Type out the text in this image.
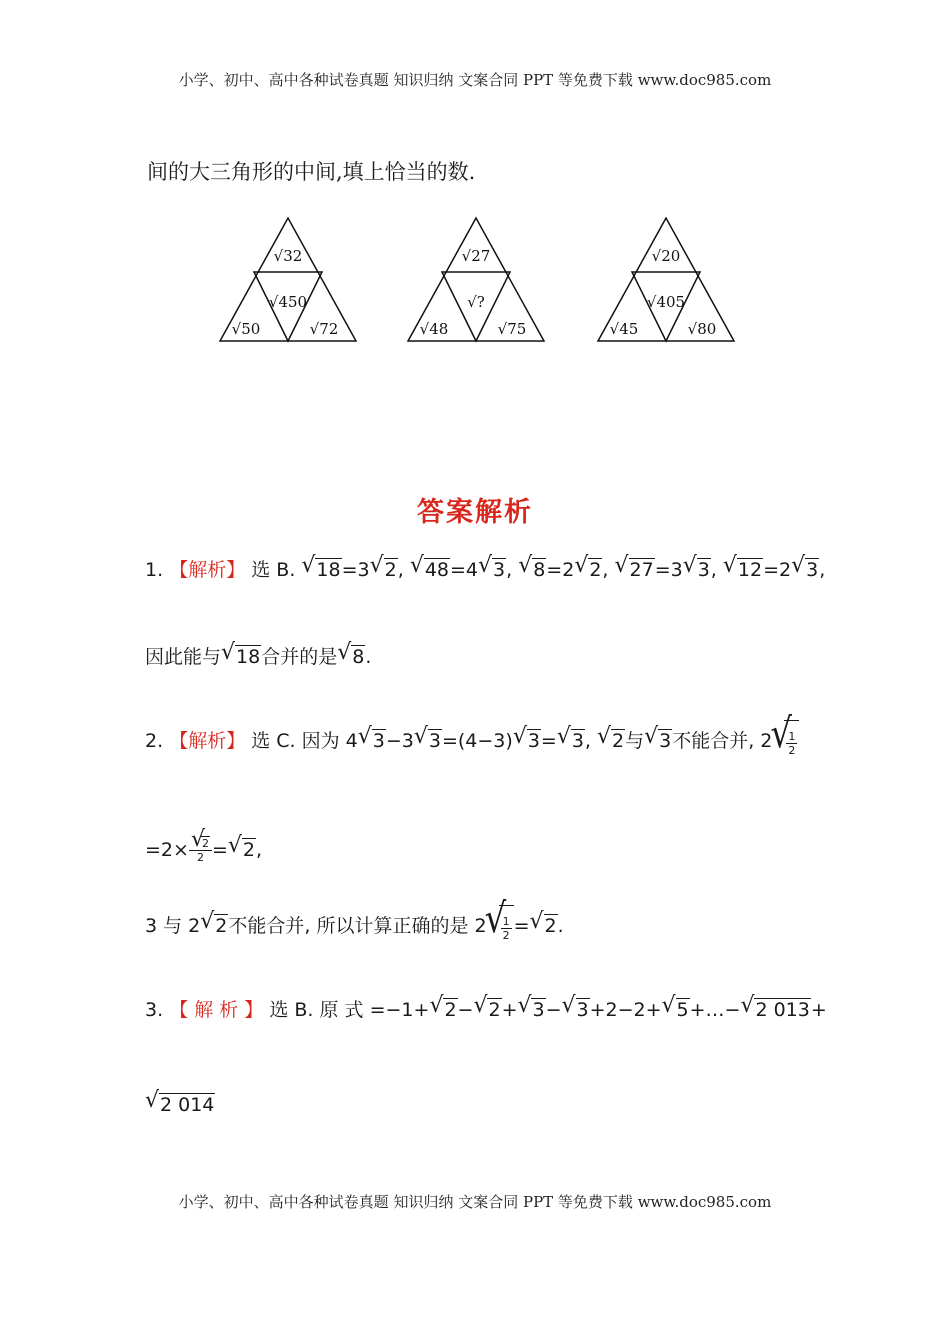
小学、初中、高中各种试卷真题 知识归纳 文案合同 PPT 等免费下载 www.doc985.com
间的大三角形的中间,填上恰当的数.
√32
√450
√50	√72
√27
√?
√48	√75
√20
√405
√45	√80
答案解析
1. 【解析】 选 B. √ 18=3 √ 2, √ 48=4 √ 3, √ 8=2 √ 2, √ 27=3 √ 3, √ 12=2 √ 3,
因此能与 √ 18合并的是 √ 8.
2. 【解析】 选 C. 因为 4 √ 3−3 √ 3=(4−3) √ 3= √ 3, √ 2与 √ 3不能合并, 2 √ $\frac{1}{2}$
=2× √ $\frac{2}{2}$ = √ 2,
3 与 2 √ 2不能合并, 所以计算正确的是 2 √ $\frac{1}{2}$ = √ 2.
3. 【 解 析 】 选 B. 原 式 =−1+ √ 2− √ 2+ √ 3− √ 3+2−2+ √ 5+…− √ 2 013+
√ 2 014
小学、初中、高中各种试卷真题 知识归纳 文案合同 PPT 等免费下载 www.doc985.com
